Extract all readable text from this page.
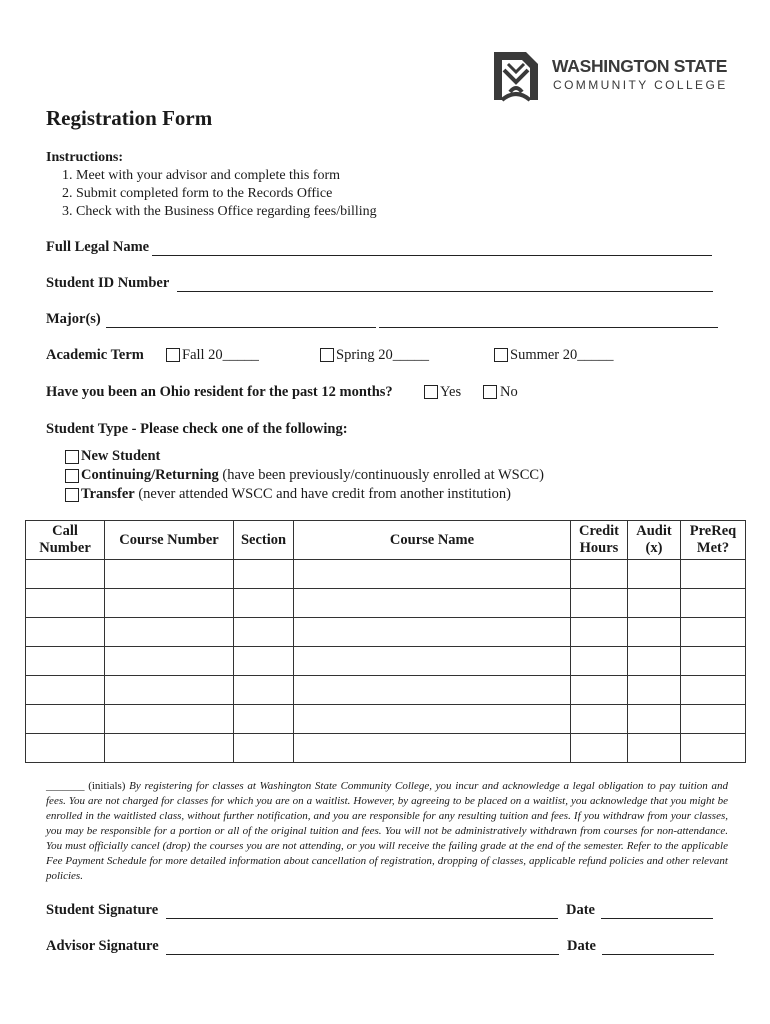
WASHINGTON STATE
COMMUNITY COLLEGE
Registration Form
Instructions:
1. Meet with your advisor and complete this form
2. Submit completed form to the Records Office
3. Check with the Business Office regarding fees/billing
Full Legal Name
Student ID Number
Major(s)
Academic Term	Fall 20_____	Spring 20_____	Summer 20_____
Have you been an Ohio resident for the past 12 months?	Yes	No
Student Type - Please check one of the following:
New Student
Continuing/Returning (have been previously/continuously enrolled at WSCC)
Transfer (never attended WSCC and have credit from another institution)
Call Number	Course Number	Section	Course Name	Credit Hours	Audit (x)	PreReq Met?

_______ (initials) By registering for classes at Washington State Community College, you incur and acknowledge a legal obligation to pay tuition and fees. You are not charged for classes for which you are on a waitlist. However, by agreeing to be placed on a waitlist, you acknowledge that you might be enrolled in the waitlisted class, without further notification, and you are responsible for any resulting tuition and fees. If you withdraw from your classes, you may be responsible for a portion or all of the original tuition and fees. You will not be administratively withdrawn from courses for non-attendance. You must officially cancel (drop) the courses you are not attending, or you will receive the failing grade at the end of the semester. Refer to the applicable Fee Payment Schedule for more detailed information about cancellation of registration, dropping of classes, applicable refund policies and other relevant policies.
Student Signature	Date
Advisor Signature	Date
